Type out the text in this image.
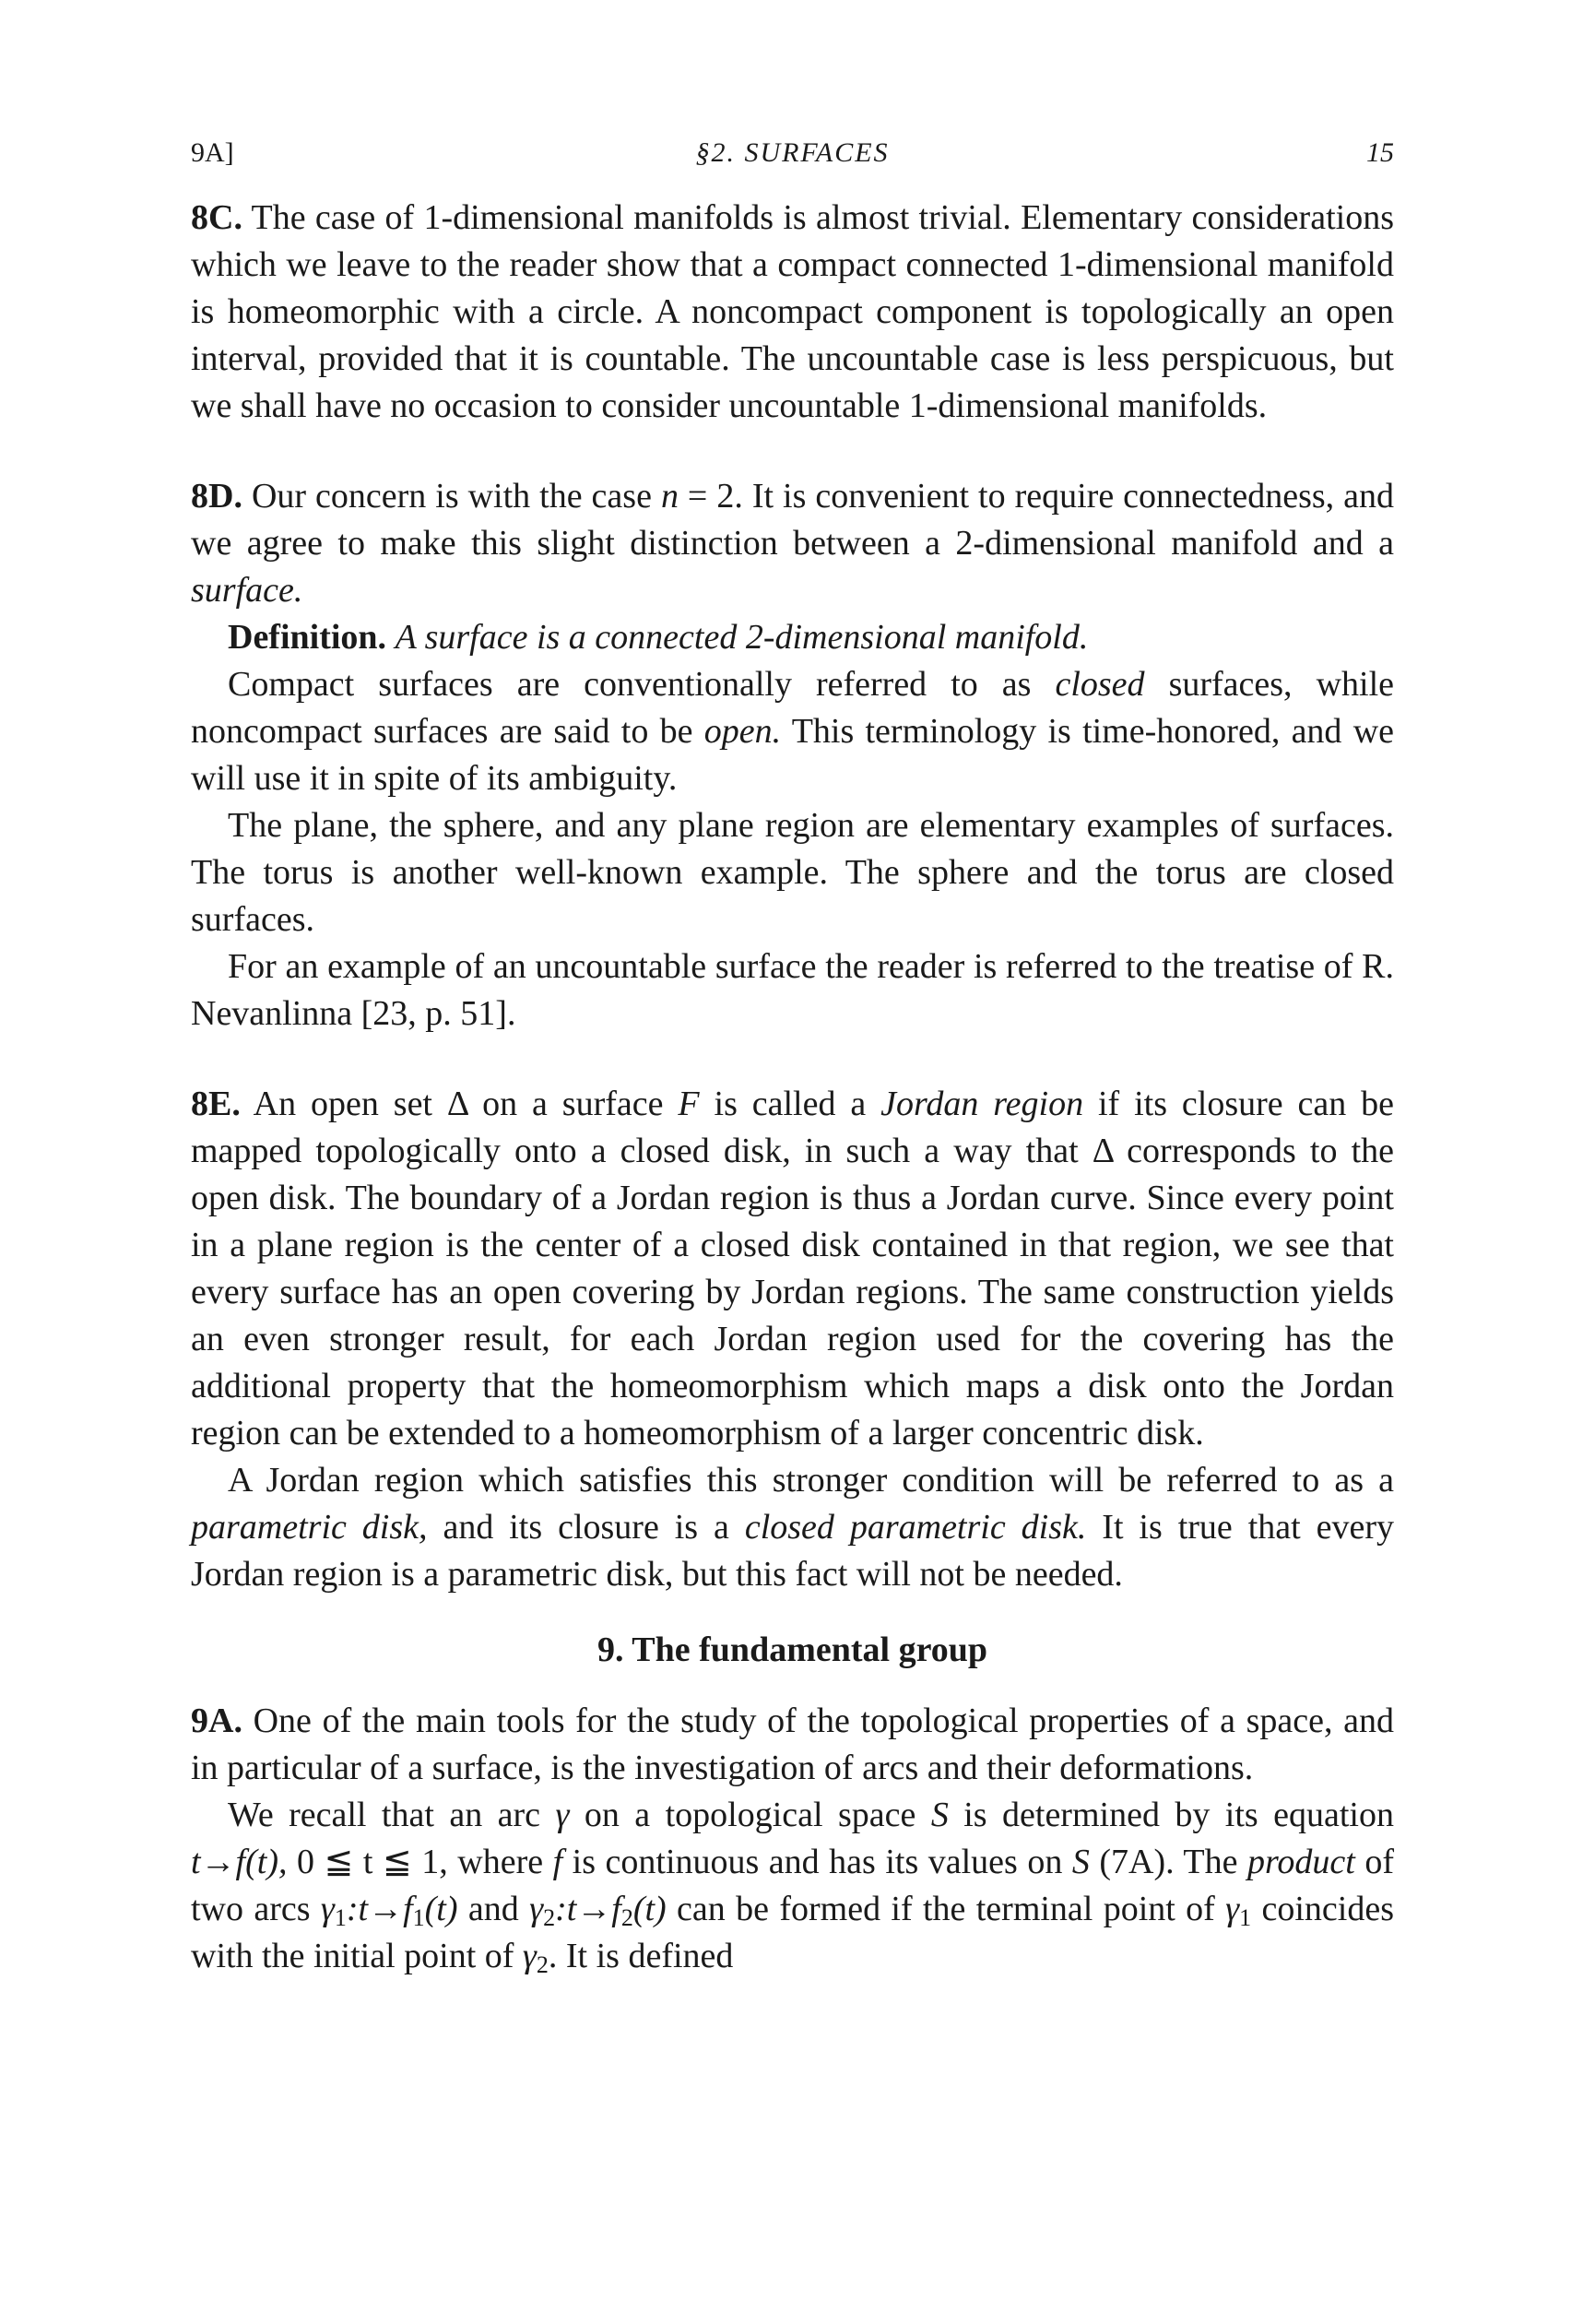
9A]	§2. SURFACES	15

8C. The case of 1-dimensional manifolds is almost trivial. Elementary considerations which we leave to the reader show that a compact connected 1-dimensional manifold is homeomorphic with a circle. A noncompact component is topologically an open interval, provided that it is countable. The uncountable case is less perspicuous, but we shall have no occasion to consider uncountable 1-dimensional manifolds.

8D. Our concern is with the case n = 2. It is convenient to require connectedness, and we agree to make this slight distinction between a 2-dimensional manifold and a surface.

Definition. A surface is a connected 2-dimensional manifold.

Compact surfaces are conventionally referred to as closed surfaces, while noncompact surfaces are said to be open. This terminology is time-honored, and we will use it in spite of its ambiguity.

The plane, the sphere, and any plane region are elementary examples of surfaces. The torus is another well-known example. The sphere and the torus are closed surfaces.

For an example of an uncountable surface the reader is referred to the treatise of R. Nevanlinna [23, p. 51].

8E. An open set Δ on a surface F is called a Jordan region if its closure can be mapped topologically onto a closed disk, in such a way that Δ corresponds to the open disk. The boundary of a Jordan region is thus a Jordan curve. Since every point in a plane region is the center of a closed disk contained in that region, we see that every surface has an open covering by Jordan regions. The same construction yields an even stronger result, for each Jordan region used for the covering has the additional property that the homeomorphism which maps a disk onto the Jordan region can be extended to a homeomorphism of a larger concentric disk.

A Jordan region which satisfies this stronger condition will be referred to as a parametric disk, and its closure is a closed parametric disk. It is true that every Jordan region is a parametric disk, but this fact will not be needed.

9. The fundamental group

9A. One of the main tools for the study of the topological properties of a space, and in particular of a surface, is the investigation of arcs and their deformations.

We recall that an arc γ on a topological space S is determined by its equation t→f(t), 0 ≦ t ≦ 1, where f is continuous and has its values on S (7A). The product of two arcs $\gamma_1:t\to f_1(t)$ and $\gamma_2:t\to f_2(t)$ can be formed if the terminal point of $\gamma_1$ coincides with the initial point of $\gamma_2$. It is defined
